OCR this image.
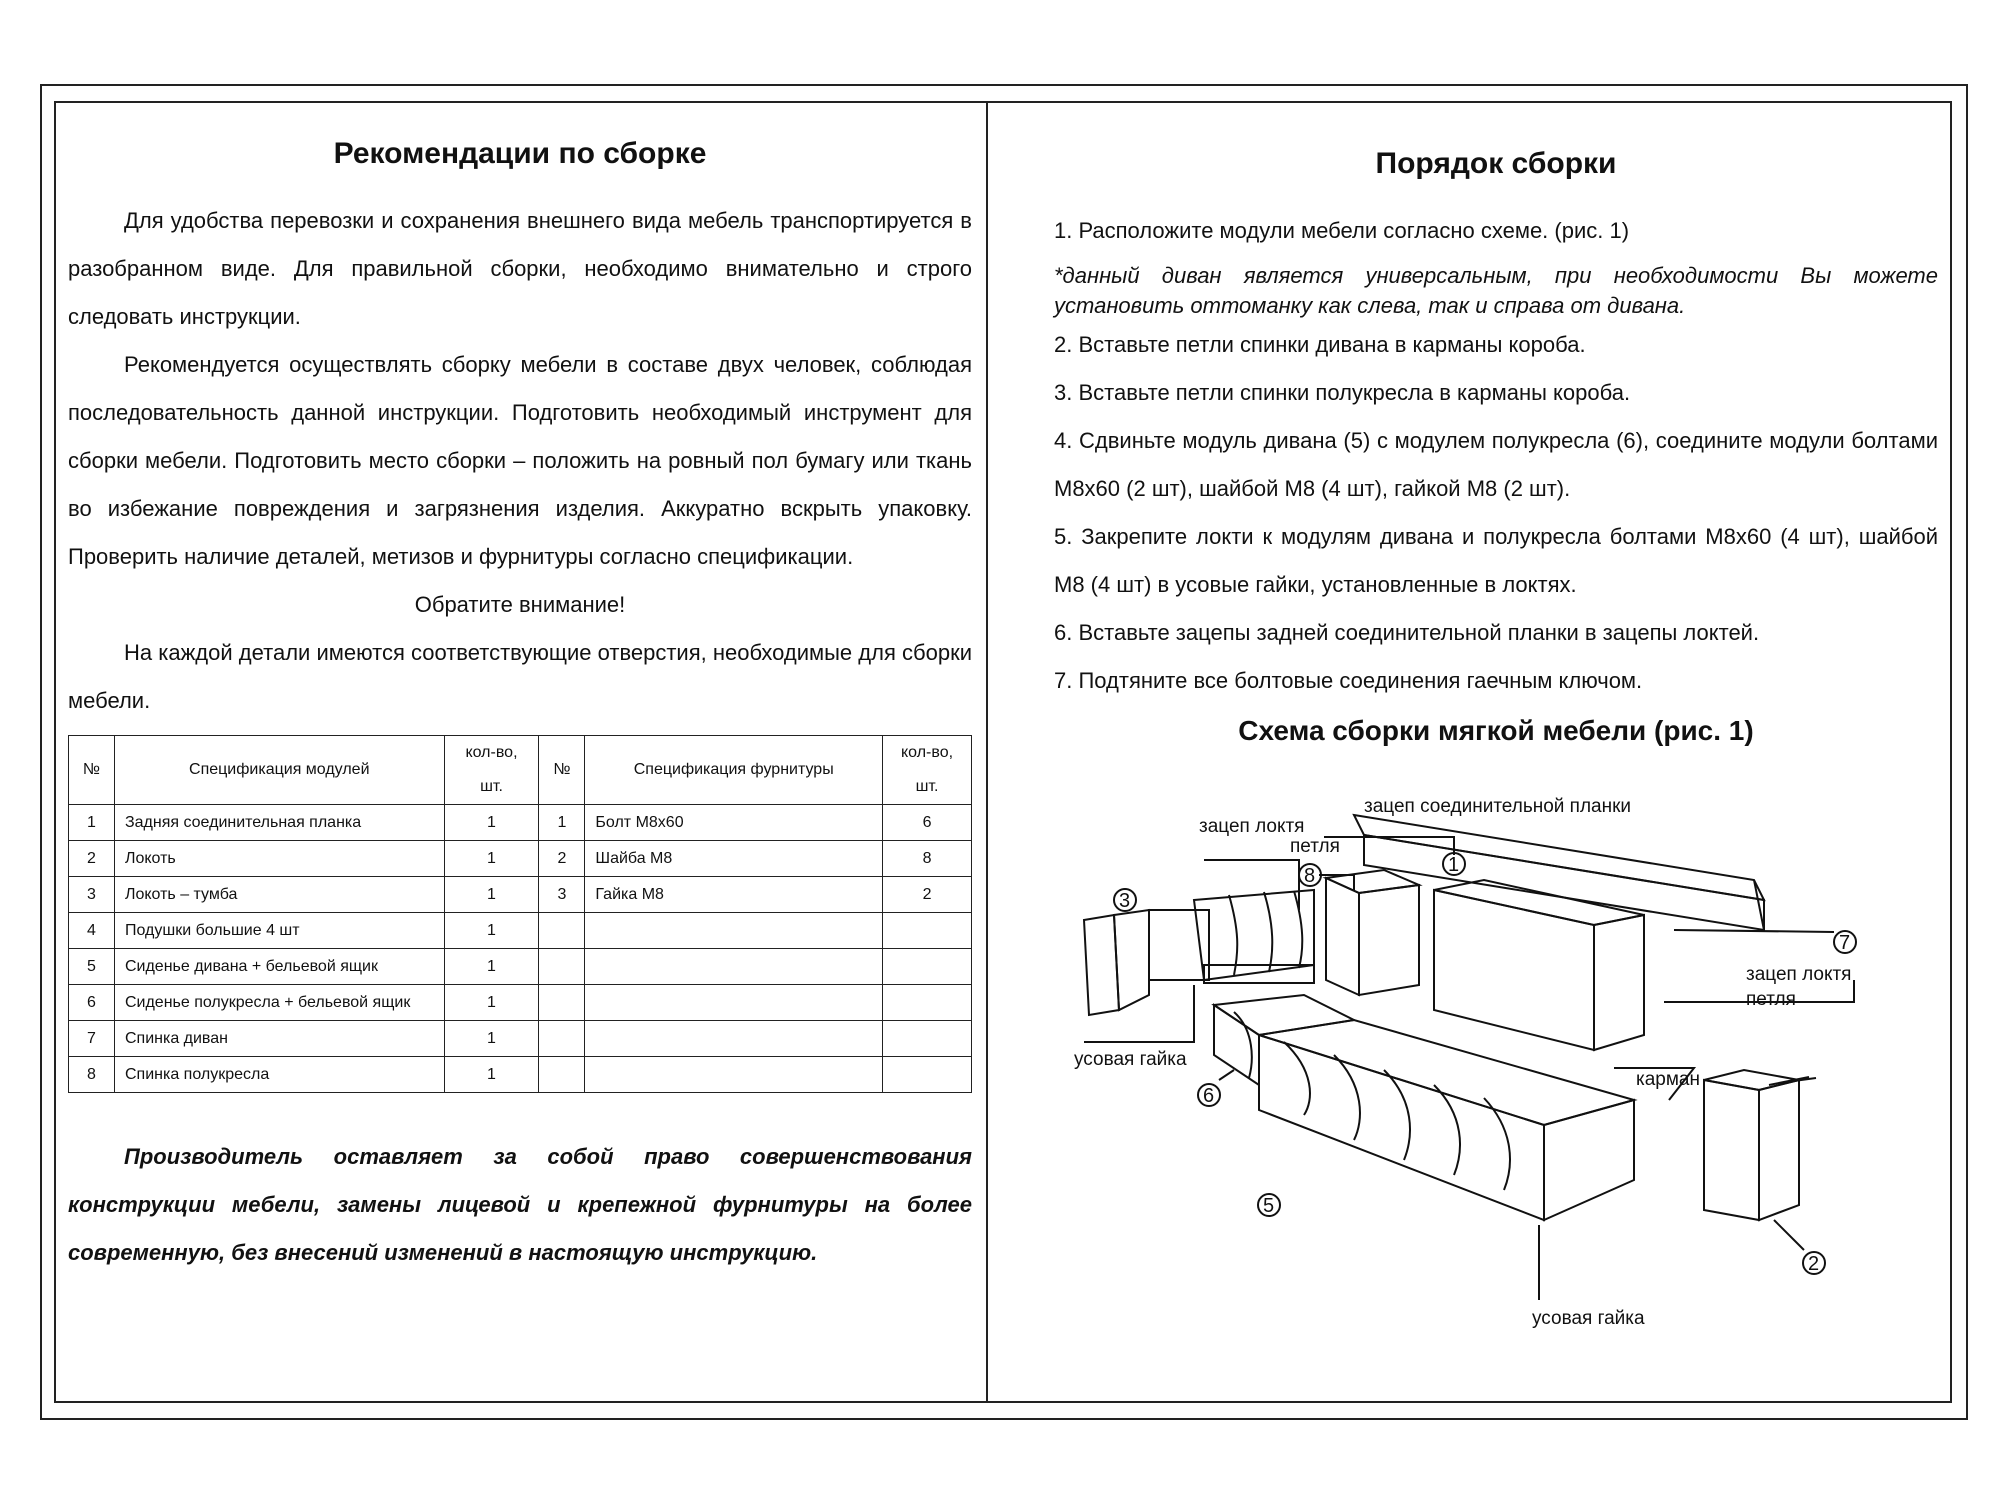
Рекомендации по сборке

Для удобства перевозки и сохранения внешнего вида мебель транспортируется в разобранном виде. Для правильной сборки, необходимо внимательно и строго следовать инструкции.

Рекомендуется осуществлять сборку мебели в составе двух человек, соблюдая последовательность данной инструкции. Подготовить необходимый инструмент для сборки мебели. Подготовить место сборки – положить на ровный пол бумагу или ткань во избежание повреждения и загрязнения изделия. Аккуратно вскрыть упаковку. Проверить наличие деталей, метизов и фурнитуры согласно спецификации.

Обратите внимание!

На каждой детали имеются соответствующие отверстия, необходимые для сборки мебели.

№	Спецификация модулей	кол-во, шт.	№	Спецификация фурнитуры	кол-во, шт.
1	Задняя соединительная планка	1	1	Болт М8х60	6
2	Локоть	1	2	Шайба М8	8
3	Локоть – тумба	1	3	Гайка М8	2
4	Подушки большие 4 шт	1			
5	Сиденье дивана + бельевой ящик	1			
6	Сиденье полукресла + бельевой ящик	1			
7	Спинка диван	1			
8	Спинка полукресла	1			

Производитель оставляет за собой право совершенствования конструкции мебели, замены лицевой и крепежной фурнитуры на более современную, без внесений изменений в настоящую инструкцию.

Порядок сборки

1. Расположите модули мебели согласно схеме. (рис. 1)

*данный диван является универсальным, при необходимости Вы можете установить оттоманку как слева, так и справа от дивана.

2. Вставьте петли спинки дивана в карманы короба.

3. Вставьте петли спинки полукресла в карманы короба.

4. Сдвиньте модуль дивана (5) с модулем полукресла (6), соедините модули болтами М8х60 (2 шт), шайбой М8 (4 шт), гайкой М8 (2 шт).

5. Закрепите локти к модулям дивана и полукресла болтами М8х60 (4 шт), шайбой М8 (4 шт) в усовые гайки, установленные в локтях.

6. Вставьте зацепы задней соединительной планки в зацепы локтей.

7. Подтяните все болтовые соединения гаечным ключом.

Схема сборки мягкой мебели (рис. 1)
1
2
3
5
6
7
8
зацеп соединительной планки
зацеп локтя
петля
зацеп локтя
петля
усовая гайка
карман
усовая гайка
